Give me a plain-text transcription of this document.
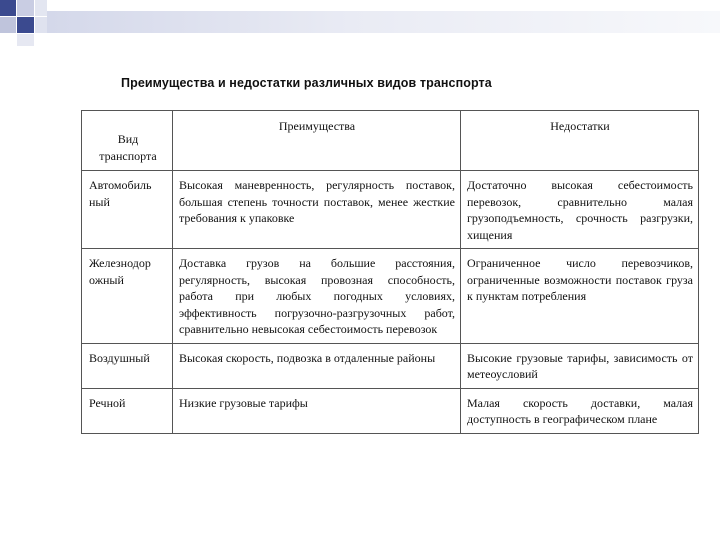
Преимущества и недостатки различных видов транспорта
Вид транспорта	Преимущества	Недостатки
Автомобиль ный	Высокая маневренность, регулярность поставок, большая степень точности поставок, менее жесткие требования к упаковке	Достаточно высокая себестоимость перевозок, сравнительно малая грузоподъемность, срочность разгрузки, хищения
Железнодор ожный	Доставка грузов на большие расстояния, регулярность, высокая провозная способность, работа при любых погодных условиях, эффективность погрузочно-разгрузочных работ, сравнительно невысокая себестоимость перевозок	Ограниченное число перевозчиков, ограниченные возможности поставок груза к пунктам потребления
Воздушный	Высокая скорость, подвозка в отдаленные районы	Высокие грузовые тарифы, зависимость от метеоусловий
Речной	Низкие грузовые тарифы	Малая скорость доставки, малая доступность в географическом плане
